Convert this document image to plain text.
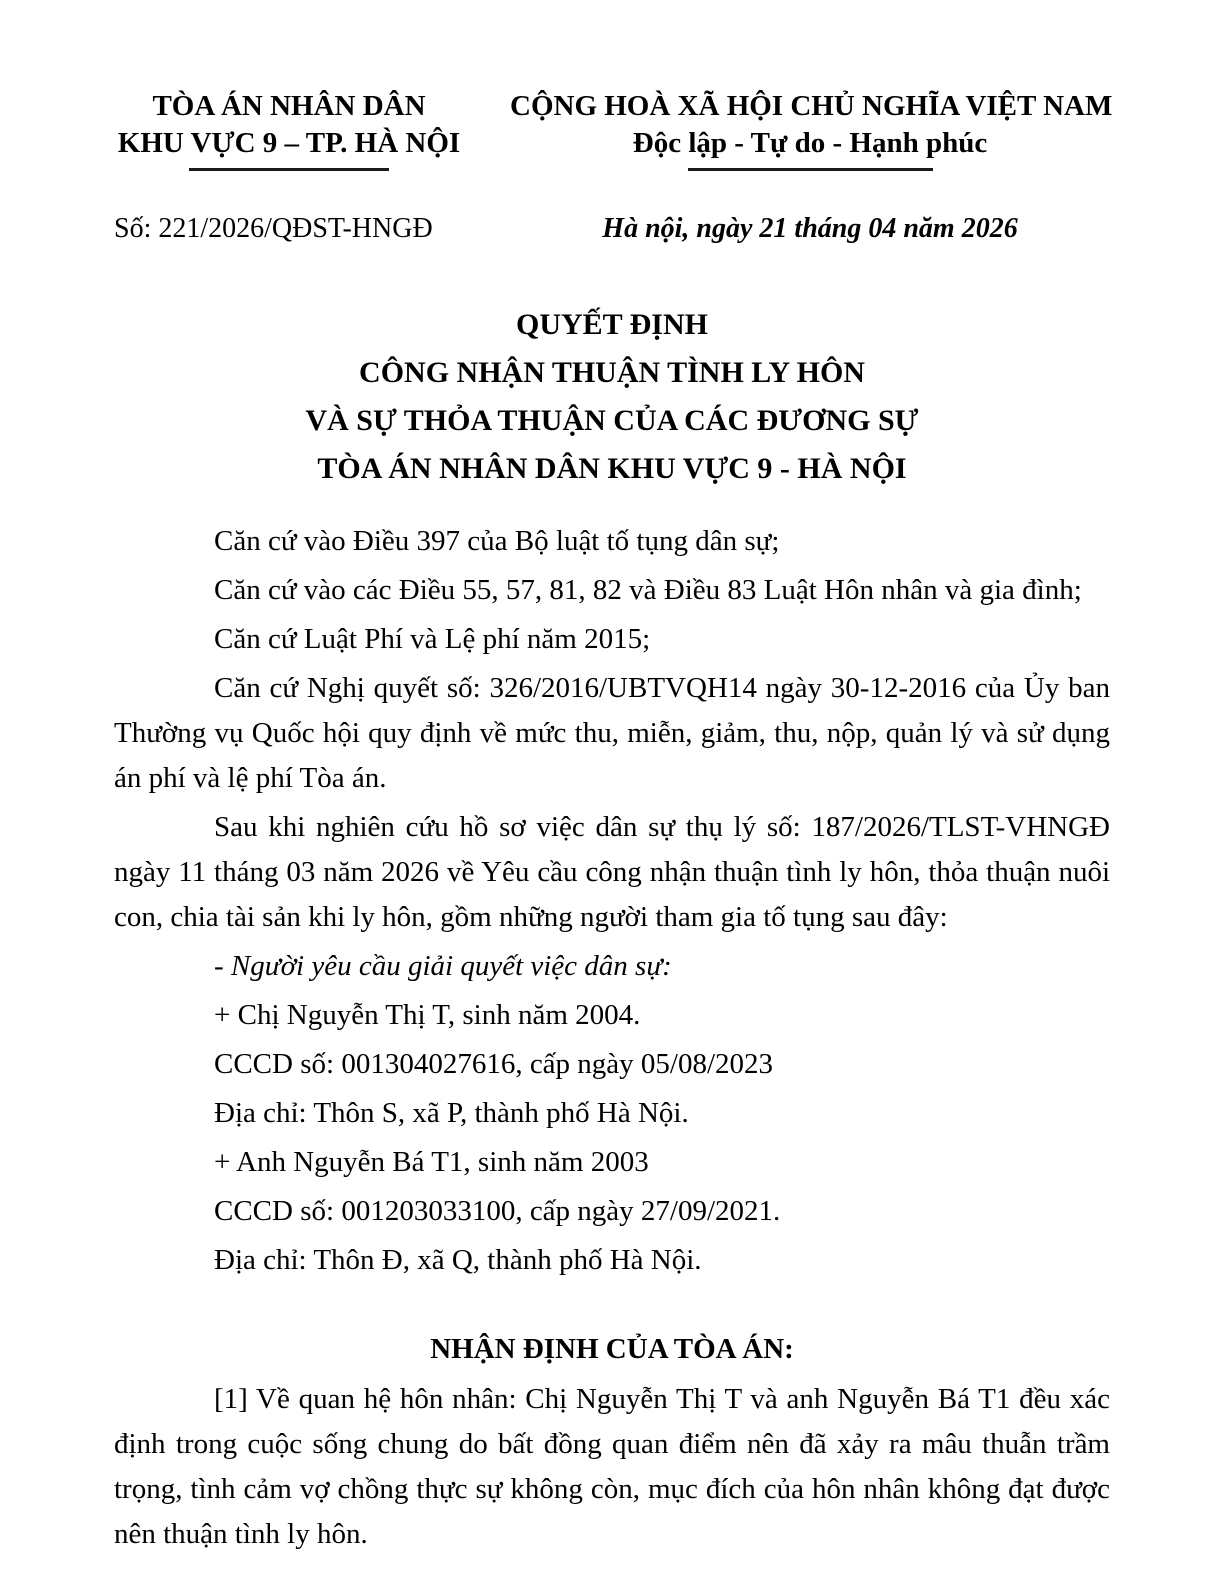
TÒA ÁN NHÂN DÂN
KHU VỰC 9 – TP. HÀ NỘI
CỘNG HOÀ XÃ HỘI CHỦ NGHĨA VIỆT NAM
Độc lập - Tự do - Hạnh phúc
Số: 221/2026/QĐST-HNGĐ	Hà nội, ngày 21 tháng 04 năm 2026
QUYẾT ĐỊNH
CÔNG NHẬN THUẬN TÌNH LY HÔN
VÀ SỰ THỎA THUẬN CỦA CÁC ĐƯƠNG SỰ
TÒA ÁN NHÂN DÂN KHU VỰC 9 - HÀ NỘI

Căn cứ vào Điều 397 của Bộ luật tố tụng dân sự;

Căn cứ vào các Điều 55, 57, 81, 82 và Điều 83 Luật Hôn nhân và gia đình;

Căn cứ Luật Phí và Lệ phí năm 2015;

Căn cứ Nghị quyết số: 326/2016/UBTVQH14 ngày 30-12-2016 của Ủy ban Thường vụ Quốc hội quy định về mức thu, miễn, giảm, thu, nộp, quản lý và sử dụng án phí và lệ phí Tòa án.

Sau khi nghiên cứu hồ sơ việc dân sự thụ lý số: 187/2026/TLST-VHNGĐ ngày 11 tháng 03 năm 2026 về Yêu cầu công nhận thuận tình ly hôn, thỏa thuận nuôi con, chia tài sản khi ly hôn, gồm những người tham gia tố tụng sau đây:

- Người yêu cầu giải quyết việc dân sự:

+ Chị Nguyễn Thị T, sinh năm 2004.

CCCD số: 001304027616, cấp ngày 05/08/2023

Địa chỉ: Thôn S, xã P, thành phố Hà Nội.

+ Anh Nguyễn Bá T1, sinh năm 2003

CCCD số: 001203033100, cấp ngày 27/09/2021.

Địa chỉ: Thôn Đ, xã Q, thành phố Hà Nội.

NHẬN ĐỊNH CỦA TÒA ÁN:

[1] Về quan hệ hôn nhân: Chị Nguyễn Thị T và anh Nguyễn Bá T1 đều xác định trong cuộc sống chung do bất đồng quan điểm nên đã xảy ra mâu thuẫn trầm trọng, tình cảm vợ chồng thực sự không còn, mục đích của hôn nhân không đạt được nên thuận tình ly hôn.
